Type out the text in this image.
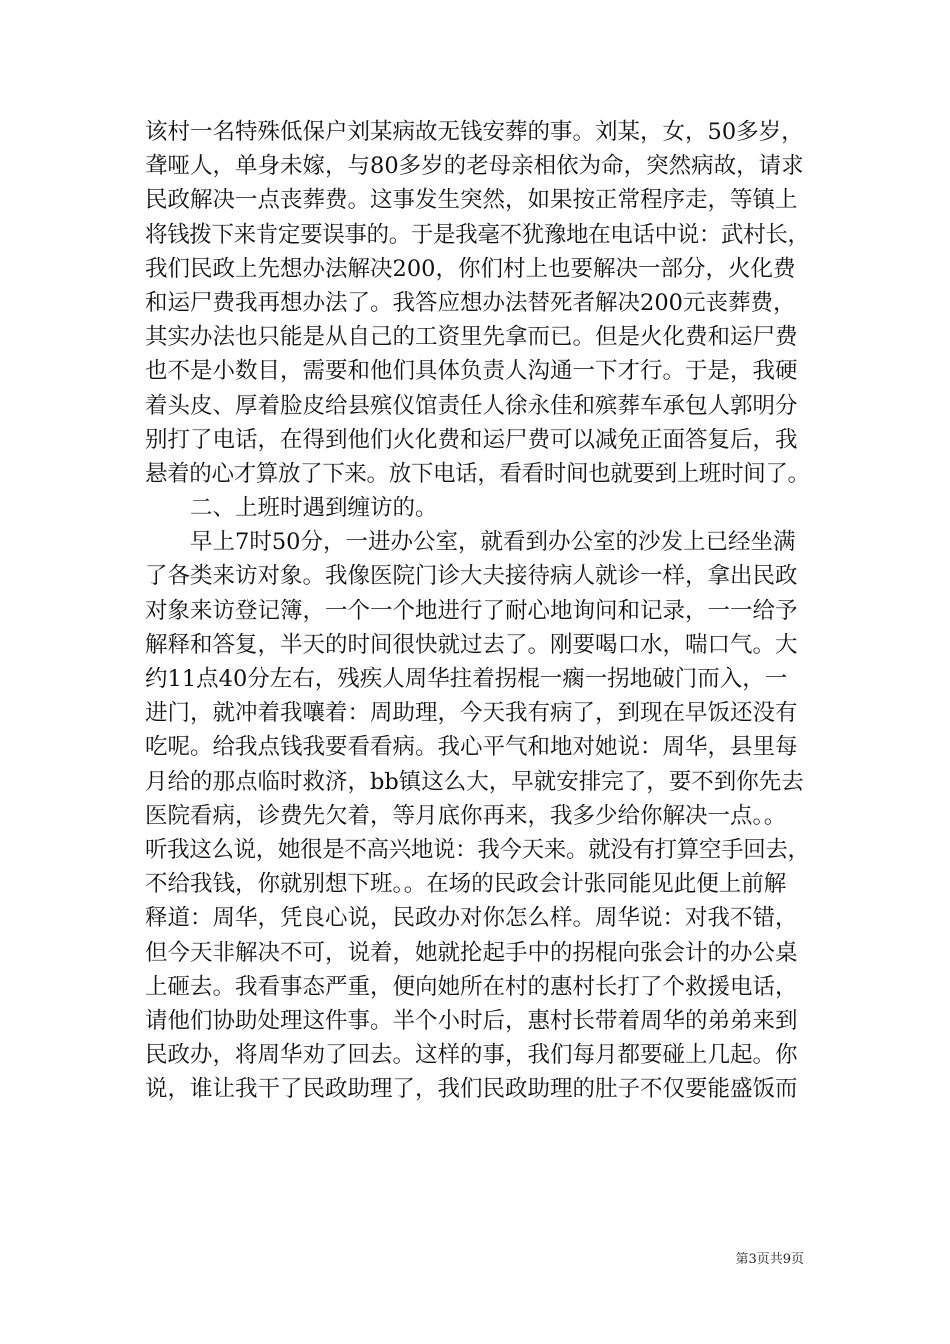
该村一名特殊低保户刘某病故无钱安葬的事。刘某，女，50多岁，
聋哑人，单身未嫁，与80多岁的老母亲相依为命，突然病故，请求
民政解决一点丧葬费。这事发生突然，如果按正常程序走，等镇上
将钱拨下来肯定要误事的。于是我毫不犹豫地在电话中说：武村长，
我们民政上先想办法解决200，你们村上也要解决一部分，火化费
和运尸费我再想办法了。我答应想办法替死者解决200元丧葬费，
其实办法也只能是从自己的工资里先拿而已。但是火化费和运尸费
也不是小数目，需要和他们具体负责人沟通一下才行。于是，我硬
着头皮、厚着脸皮给县殡仪馆责任人徐永佳和殡葬车承包人郭明分
别打了电话，在得到他们火化费和运尸费可以减免正面答复后，我
悬着的心才算放了下来。放下电话，看看时间也就要到上班时间了。
二、上班时遇到缠访的。
早上7时50分，一进办公室，就看到办公室的沙发上已经坐满
了各类来访对象。我像医院门诊大夫接待病人就诊一样，拿出民政
对象来访登记簿，一个一个地进行了耐心地询问和记录，一一给予
解释和答复，半天的时间很快就过去了。刚要喝口水，喘口气。大
约11点40分左右，残疾人周华拄着拐棍一瘸一拐地破门而入，一
进门，就冲着我嚷着：周助理，今天我有病了，到现在早饭还没有
吃呢。给我点钱我要看看病。我心平气和地对她说：周华，县里每
月给的那点临时救济，bb镇这么大，早就安排完了，要不到你先去
医院看病，诊费先欠着，等月底你再来，我多少给你解决一点。。
听我这么说，她很是不高兴地说：我今天来。就没有打算空手回去，
不给我钱，你就别想下班。。在场的民政会计张同能见此便上前解
释道：周华，凭良心说，民政办对你怎么样。周华说：对我不错，
但今天非解决不可，说着，她就抡起手中的拐棍向张会计的办公桌
上砸去。我看事态严重，便向她所在村的惠村长打了个救援电话，
请他们协助处理这件事。半个小时后，惠村长带着周华的弟弟来到
民政办，将周华劝了回去。这样的事，我们每月都要碰上几起。你
说，谁让我干了民政助理了，我们民政助理的肚子不仅要能盛饭而
第3页共9页
